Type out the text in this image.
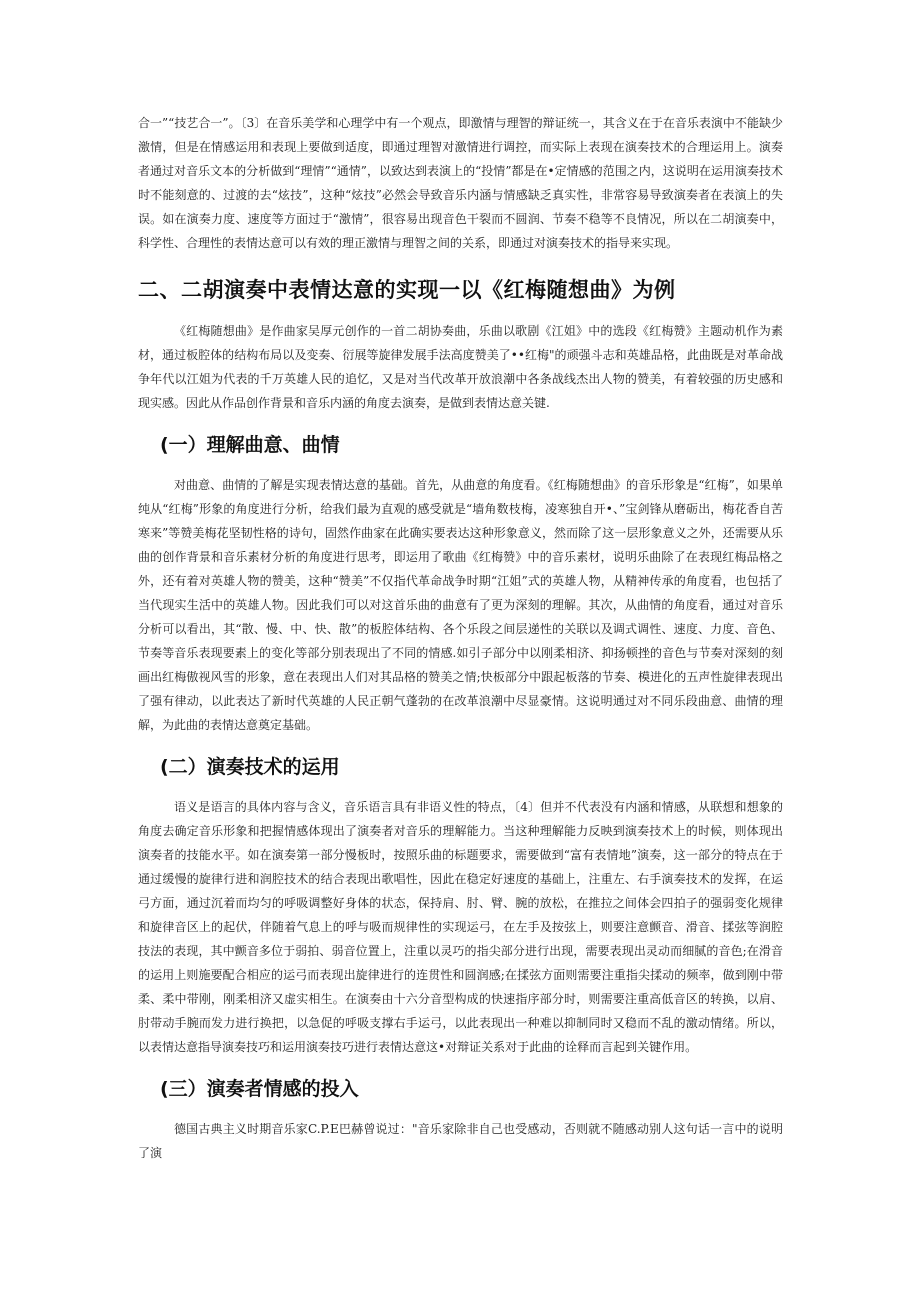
合一”“技艺合一”。〔3〕在音乐美学和心理学中有一个观点，即激情与理智的辩证统一，其含义在于在音乐表演中不能缺少激情，但是在情感运用和表现上要做到适度，即通过理智对激情进行调控，而实际上表现在演奏技术的合理运用上。演奏者通过对音乐文本的分析做到“理情”“通情”，以致达到表演上的“投情”都是在•定情感的范围之内，这说明在运用演奏技术时不能刻意的、过渡的去“炫技”，这种“炫技”必然会导致音乐内涵与情感缺乏真实性，非常容易导致演奏者在表演上的失误。如在演奏力度、速度等方面过于“激情”，很容易出现音色干裂而不圆润、节奏不稳等不良情况，所以在二胡演奏中，科学性、合理性的表情达意可以有效的理正激情与理智之间的关系，即通过对演奏技术的指导来实现。

二、二胡演奏中表情达意的实现一以《红梅随想曲》为例

《红梅随想曲》是作曲家吴厚元创作的一首二胡协奏曲，乐曲以歌剧《江姐》中的选段《红梅赞》主题动机作为素材，通过板腔体的结构布局以及变奏、衍展等旋律发展手法高度赞美了••红梅"的顽强斗志和英雄品格，此曲既是对革命战争年代以江姐为代表的千万英雄人民的追忆，又是对当代改革开放浪潮中各条战线杰出人物的赞美，有着较强的历史感和现实感。因此从作品创作背景和音乐内涵的角度去演奏，是做到表情达意关键.

(一）理解曲意、曲情

对曲意、曲情的了解是实现表情达意的基础。首先，从曲意的角度看。《红梅随想曲》的音乐形象是“红梅”，如果单纯从“红梅”形象的角度进行分析，给我们最为直观的感受就是“墙角数枝梅，凌寒独自开•、”宝剑锋从磨砺出，梅花香自苦寒来”等赞美梅花坚韧性格的诗句，固然作曲家在此确实要表达这种形象意义，然而除了这一层形象意义之外，还需要从乐曲的创作背景和音乐素材分析的角度进行思考，即运用了歌曲《红梅赞》中的音乐素材，说明乐曲除了在表现红梅品格之外，还有着对英雄人物的赞美，这种“赞美”不仅指代革命战争时期“江姐”式的英雄人物，从精神传承的角度看，也包括了当代现实生活中的英雄人物。因此我们可以对这首乐曲的曲意有了更为深刻的理解。其次，从曲情的角度看，通过对音乐分析可以看出，其“散、慢、中、快、散”的板腔体结构、各个乐段之间层递性的关联以及调式调性、速度、力度、音色、节奏等音乐表现要素上的变化等部分别表现出了不同的情感.如引子部分中以刚柔相济、抑扬顿挫的音色与节奏对深刻的刻画出红梅傲视风雪的形象，意在表现出人们对其品格的赞美之情;快板部分中跟起板落的节奏、模进化的五声性旋律表现出了强有律动，以此表达了新时代英雄的人民正朝气蓬勃的在改革浪潮中尽显豪情。这说明通过对不同乐段曲意、曲情的理解，为此曲的表情达意奠定基础。

(二）演奏技术的运用

语义是语言的具体内容与含义，音乐语言具有非语义性的特点，〔4〕但并不代表没有内涵和情感，从联想和想象的角度去确定音乐形象和把握情感体现出了演奏者对音乐的理解能力。当这种理解能力反映到演奏技术上的时候，则体现出演奏者的技能水平。如在演奏第一部分慢板时，按照乐曲的标题要求，需要做到“富有表情地”演奏，这一部分的特点在于通过缓慢的旋律行进和润腔技术的结合表现出歌唱性，因此在稳定好速度的基础上，注重左、右手演奏技术的发挥，在运弓方面，通过沉着而均匀的呼吸调整好身体的状态，保持肩、肘、臂、腕的放松，在推拉之间体会四拍子的强弱变化规律和旋律音区上的起伏，伴随着气息上的呼与吸而规律性的实现运弓，在左手及按弦上，则要注意颤音、滑音、揉弦等润腔技法的表现，其中颤音多位于弱拍、弱音位置上，注重以灵巧的指尖部分进行出现，需要表现出灵动而细腻的音色;在滑音的运用上则施要配合相应的运弓而表现出旋律进行的连贯性和圆润感;在揉弦方面则需要注重指尖揉动的频率，做到刚中带柔、柔中带刚，刚柔相济又虚实相生。在演奏由十六分音型构成的快速指序部分时，则需要注重高低音区的转换，以肩、肘带动手腕而发力进行换把，以急促的呼吸支撑右手运弓，以此表现出一种难以抑制同时又稳而不乱的激动情绪。所以，以表情达意指导演奏技巧和运用演奏技巧进行表情达意这•对辩证关系对于此曲的诠释而言起到关键作用。

(三）演奏者情感的投入

德国古典主义时期音乐家C.P.E巴赫曾说过："音乐家除非自己也受感动，否则就不随感动别人这句话一言中的说明了演
